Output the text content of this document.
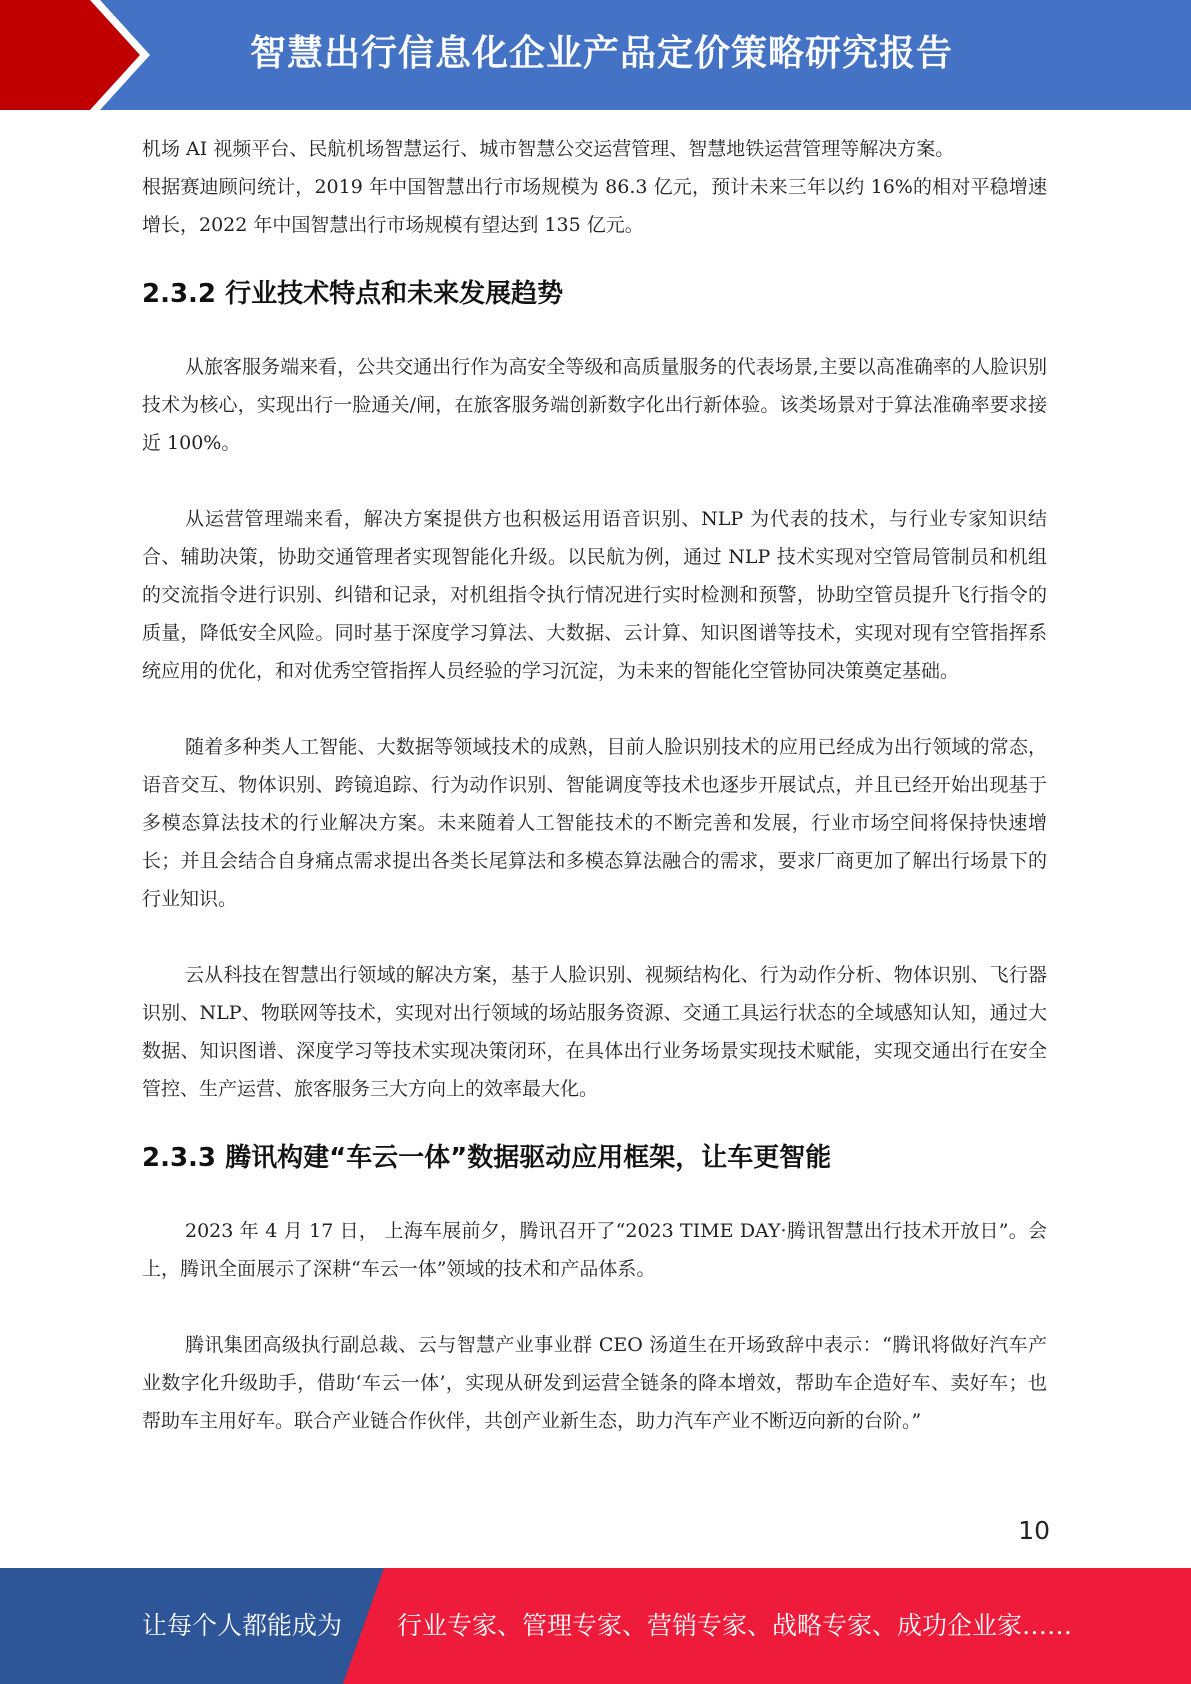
智慧出行信息化企业产品定价策略研究报告

机场 AI 视频平台、民航机场智慧运行、城市智慧公交运营管理、智慧地铁运营管理等解决方案。

根据赛迪顾问统计，2019 年中国智慧出行市场规模为 86.3 亿元，预计未来三年以约 16%的相对平稳增速增长，2022 年中国智慧出行市场规模有望达到 135 亿元。

2.3.2 行业技术特点和未来发展趋势

从旅客服务端来看，公共交通出行作为高安全等级和高质量服务的代表场景,主要以高准确率的人脸识别技术为核心，实现出行一脸通关/闸，在旅客服务端创新数字化出行新体验。该类场景对于算法准确率要求接近 100%。

从运营管理端来看，解决方案提供方也积极运用语音识别、NLP 为代表的技术，与行业专家知识结合、辅助决策，协助交通管理者实现智能化升级。以民航为例，通过 NLP 技术实现对空管局管制员和机组的交流指令进行识别、纠错和记录，对机组指令执行情况进行实时检测和预警，协助空管员提升飞行指令的质量，降低安全风险。同时基于深度学习算法、大数据、云计算、知识图谱等技术，实现对现有空管指挥系统应用的优化，和对优秀空管指挥人员经验的学习沉淀，为未来的智能化空管协同决策奠定基础。

随着多种类人工智能、大数据等领域技术的成熟，目前人脸识别技术的应用已经成为出行领域的常态，语音交互、物体识别、跨镜追踪、行为动作识别、智能调度等技术也逐步开展试点，并且已经开始出现基于多模态算法技术的行业解决方案。未来随着人工智能技术的不断完善和发展，行业市场空间将保持快速增长；并且会结合自身痛点需求提出各类长尾算法和多模态算法融合的需求，要求厂商更加了解出行场景下的行业知识。

云从科技在智慧出行领域的解决方案，基于人脸识别、视频结构化、行为动作分析、物体识别、飞行器识别、NLP、物联网等技术，实现对出行领域的场站服务资源、交通工具运行状态的全域感知认知，通过大数据、知识图谱、深度学习等技术实现决策闭环，在具体出行业务场景实现技术赋能，实现交通出行在安全管控、生产运营、旅客服务三大方向上的效率最大化。

2.3.3 腾讯构建“车云一体”数据驱动应用框架，让车更智能

2023 年 4 月 17 日， 上海车展前夕，腾讯召开了“2023 TIME DAY·腾讯智慧出行技术开放日”。会上，腾讯全面展示了深耕“车云一体”领域的技术和产品体系。

腾讯集团高级执行副总裁、云与智慧产业事业群 CEO 汤道生在开场致辞中表示：“腾讯将做好汽车产业数字化升级助手，借助‘车云一体’，实现从研发到运营全链条的降本增效，帮助车企造好车、卖好车；也帮助车主用好车。联合产业链合作伙伴，共创产业新生态，助力汽车产业不断迈向新的台阶。”

10
让每个人都能成为 行业专家、管理专家、营销专家、战略专家、成功企业家……
